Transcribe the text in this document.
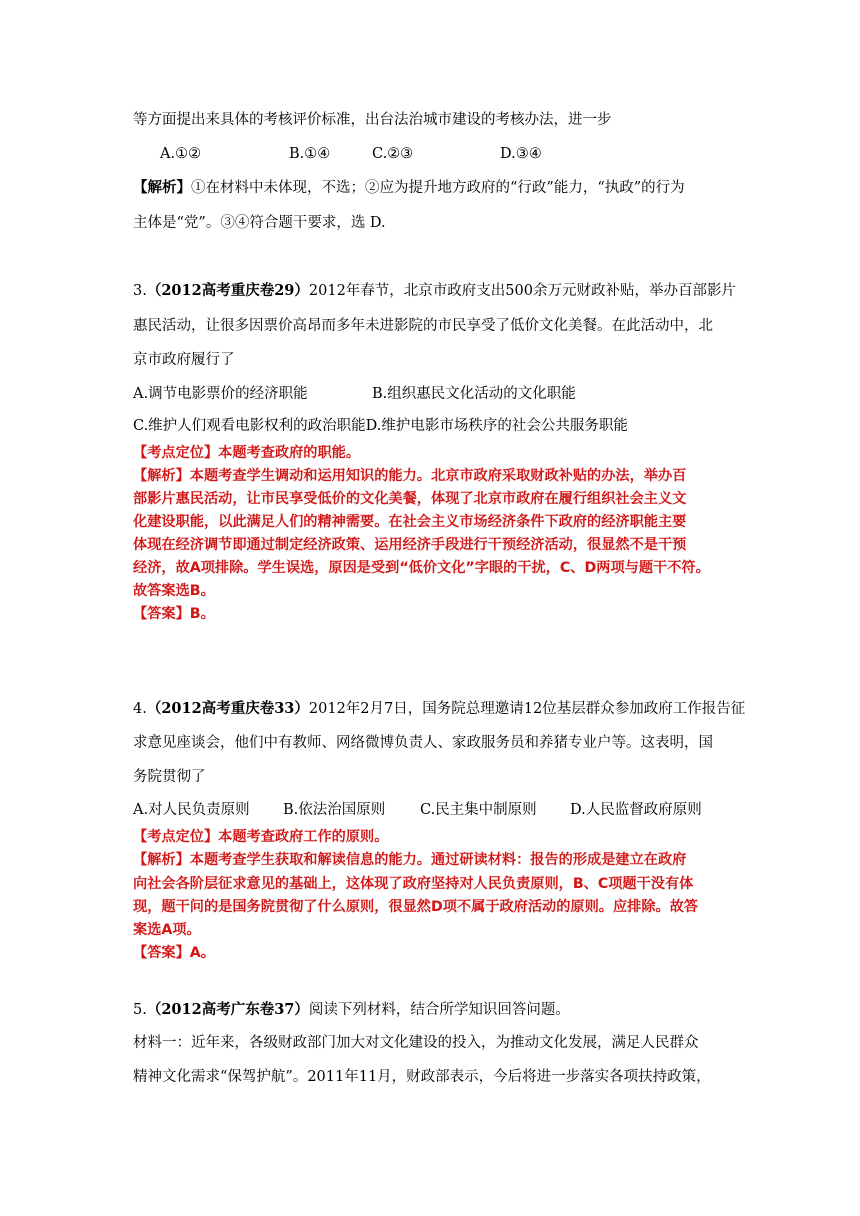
等方面提出来具体的考核评价标准，出台法治城市建设的考核办法，进一步
A.①②	B.①④	C.②③	D.③④
【解析】①在材料中未体现，不选；②应为提升地方政府的“行政”能力，“执政”的行为
主体是“党”。③④符合题干要求，选 D.
3.（2012高考重庆卷29）2012年春节，北京市政府支出500余万元财政补贴，举办百部影片
惠民活动，让很多因票价高昂而多年未进影院的市民享受了低价文化美餐。在此活动中，北
京市政府履行了
A.调节电影票价的经济职能	B.组织惠民文化活动的文化职能
C.维护人们观看电影权利的政治职能D.维护电影市场秩序的社会公共服务职能
【考点定位】本题考查政府的职能。
【解析】本题考查学生调动和运用知识的能力。北京市政府采取财政补贴的办法，举办百
部影片惠民活动，让市民享受低价的文化美餐，体现了北京市政府在履行组织社会主义文
化建设职能，以此满足人们的精神需要。在社会主义市场经济条件下政府的经济职能主要
体现在经济调节即通过制定经济政策、运用经济手段进行干预经济活动，很显然不是干预
经济，故A项排除。学生误选，原因是受到“低价文化”字眼的干扰，C、D两项与题干不符。
故答案选B。
【答案】B。
4.（2012高考重庆卷33）2012年2月7日，国务院总理邀请12位基层群众参加政府工作报告征
求意见座谈会，他们中有教师、网络微博负责人、家政服务员和养猪专业户等。这表明，国
务院贯彻了
A.对人民负责原则 B.依法治国原则 C.民主集中制原则 D.人民监督政府原则
【考点定位】本题考查政府工作的原则。
【解析】本题考查学生获取和解读信息的能力。通过研读材料：报告的形成是建立在政府
向社会各阶层征求意见的基础上，这体现了政府坚持对人民负责原则，B、C项题干没有体
现，题干问的是国务院贯彻了什么原则，很显然D项不属于政府活动的原则。应排除。故答
案选A项。
【答案】A。
5.（2012高考广东卷37）阅读下列材料，结合所学知识回答问题。
材料一：近年来，各级财政部门加大对文化建设的投入，为推动文化发展，满足人民群众
精神文化需求“保驾护航”。2011年11月，财政部表示，今后将进一步落实各项扶持政策，
